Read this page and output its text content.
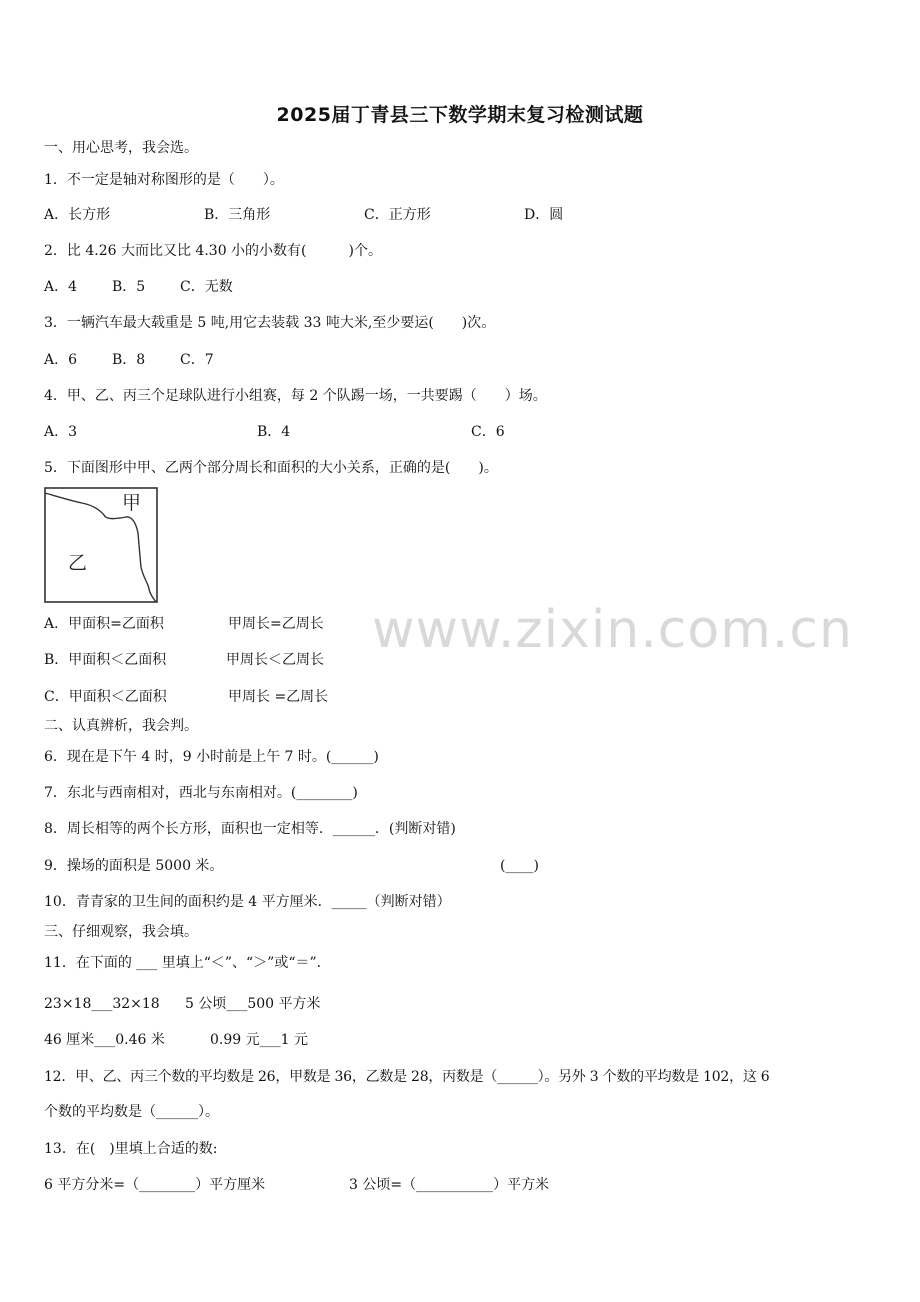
2025届丁青县三下数学期末复习检测试题
www.zixin.com.cn
一、用心思考，我会选。
1．不一定是轴对称图形的是（　　）。
A．长方形	B．三角形	C．正方形	D．圆
2．比 4.26 大而比又比 4.30 小的小数有(　　　)个。
A．4 B．5 C．无数
3．一辆汽车最大载重是 5 吨,用它去装载 33 吨大米,至少要运(　　)次。
A．6 B．8 C．7
4．甲、乙、丙三个足球队进行小组赛，每 2 个队踢一场，一共要踢（　　）场。
A．3	B．4	C．6
5．下面图形中甲、乙两个部分周长和面积的大小关系，正确的是(　　)。
甲
乙
A．甲面积=乙面积	甲周长=乙周长
B．甲面积＜乙面积	甲周长＜乙周长
C．甲面积＜乙面积	甲周长 =乙周长
二、认真辨析，我会判。
6．现在是下午 4 时，9 小时前是上午 7 时。(______)
7．东北与西南相对，西北与东南相对。(________)
8．周长相等的两个长方形，面积也一定相等．______．(判断对错)
9．操场的面积是 5000 米。	(____)
10．青青家的卫生间的面积约是 4 平方厘米．_____（判断对错）
三、仔细观察，我会填。
11．在下面的 ___ 里填上“＜”、“＞”或“＝”．
23×18___32×18 5 公顷___500 平方米
46 厘米___0.46 米	0.99 元___1 元
12．甲、乙、丙三个数的平均数是 26，甲数是 36，乙数是 28，丙数是（______）。另外 3 个数的平均数是 102，这 6
个数的平均数是（______）。
13．在(　)里填上合适的数:
6 平方分米=（________）平方厘米	3 公顷=（___________）平方米
